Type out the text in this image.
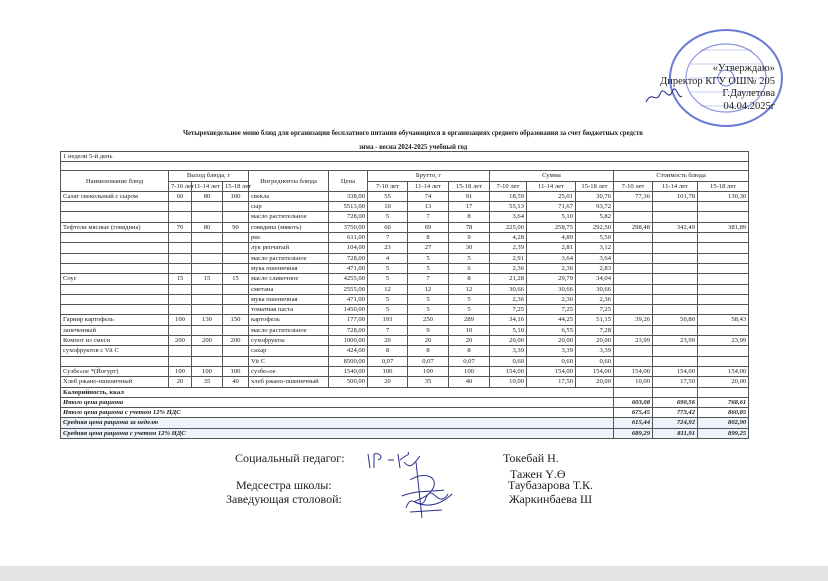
«Утверждаю»
Директор КГУ ОШ№ 205
Г.Даулетова
04.04.2025г
Четырехнедельное меню блюд для организации бесплатного питания обучающихся в организациях среднего образования за счет бюджетных средств
зима - весна 2024-2025 учебный год
1 недели 5-й день														

Наименование блюд	Выход блюда, г			Ингредиенты блюда	Цена	Брутто, г			Сумма			Стоимость блюда		

	7-10 лет	11-14 лет	15-18 лет			7-10 лет	11-14 лет	15-18 лет	7-10 лет	11-14 лет	15-18 лет	7-10 лет	11-14 лет	15-18 лет
Салат свекольный с сыром	60	80	100	свекла	338,00	55	74	91	18,59	25,01	30,76	77,36	101,78	130,30
				сыр	5513,00	10	13	17	55,13	71,67	93,72			
				масло растительное	728,00	5	7	8	3,64	5,10	5,82			
Тефтели мясные (говядина)	70	80	90	говядина (мякоть)	3750,00	60	69	78	225,00	258,75	292,50	298,48	342,49	381,89
				рис	611,00	7	8	9	4,28	4,89	5,50			
				лук репчатый	104,00	23	27	30	2,39	2,81	3,12			
				масло растительное	728,00	4	5	5	2,91	3,64	3,64			
				мука пшеничная	471,00	5	5	6	2,36	2,36	2,83			
Соус	15	15	15	масло сливочное	4255,00	5	7	8	21,28	29,79	34,04			
				сметана	2555,00	12	12	12	30,66	30,66	30,66			
				мука пшеничная	471,00	5	5	5	2,36	2,36	2,36			
				томатная паста	1450,00	5	5	5	7,25	7,25	7,25			
Гарнир картофель	100	130	150	картофель	177,00	193	250	289	34,16	44,25	51,15	39,26	50,80	58,43
запеченный				масло растительное	728,00	7	9	10	5,10	6,55	7,28			
Компот из смеси	200	200	200	сухофрукты	1000,00	20	20	20	20,00	20,00	20,00	23,99	23,99	23,99
сухофруктов с Vit С				сахар	424,00	8	8	8	3,39	3,39	3,39			
				Vit С	8500,00	0,07	0,07	0,07	0,60	0,60	0,60			
Сузбе»ое *(Йогурт)	100	100	100	сузбе»ое	1540,00	100	100	100	154,00	154,00	154,00	154,00	154,00	154,00
Хлеб ржано-пшеничный	20	35	40	хлеб ржано-пшеничный	500,00	20	35	40	10,00	17,50	20,00	10,00	17,50	20,00
Калорийность, ккал														
Итого цена рациона												603,08	690,56	768,61
Итого цена рациона с учетом 12% НДС												675,45	773,42	860,85
Средняя цена рациона за неделю												615,44	724,92	802,90
Средняя цена рациона с учетом 12% НДС												689,29	811,91	899,25
Социальный педагог:	Токебай Н.
Тажен Ү.Ө
Медсестра школы:	Таубазарова Т.К.
Заведующая столовой:	Жаркинбаева Ш
